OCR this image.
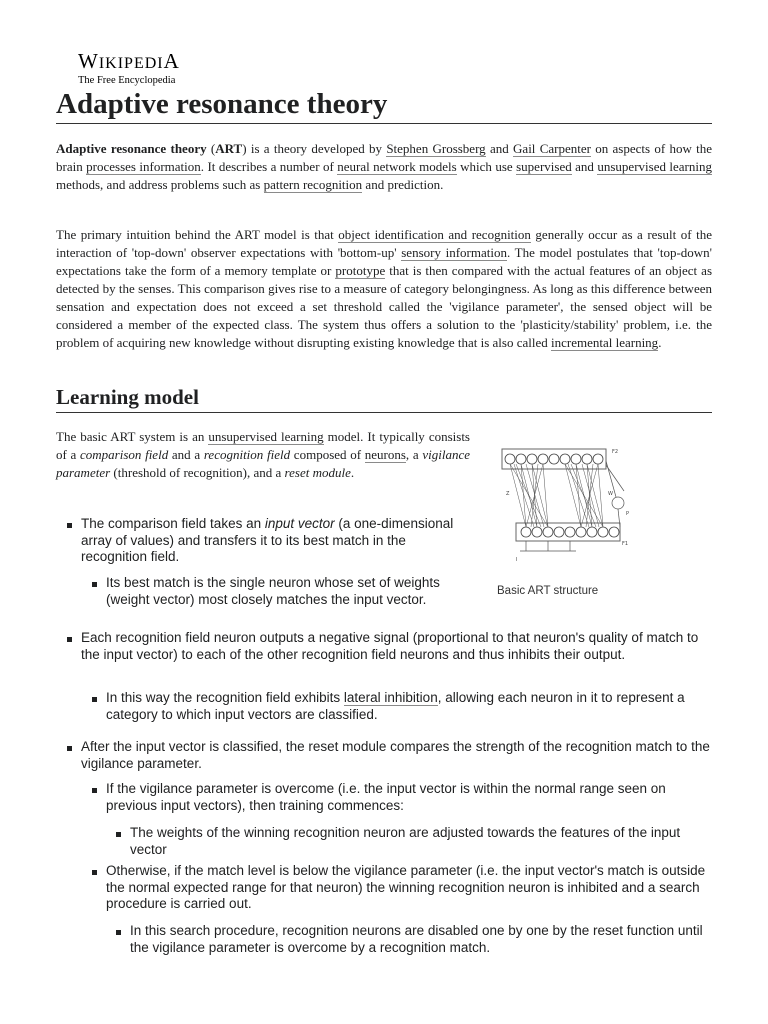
WIKIPEDIA
The Free Encyclopedia
Adaptive resonance theory

Adaptive resonance theory (ART) is a theory developed by Stephen Grossberg and Gail Carpenter on aspects of how the brain processes information. It describes a number of neural network models which use supervised and unsupervised learning methods, and address problems such as pattern recognition and prediction.

The primary intuition behind the ART model is that object identification and recognition generally occur as a result of the interaction of 'top-down' observer expectations with 'bottom-up' sensory information. The model postulates that 'top-down' expectations take the form of a memory template or prototype that is then compared with the actual features of an object as detected by the senses. This comparison gives rise to a measure of category belongingness. As long as this difference between sensation and expectation does not exceed a set threshold called the 'vigilance parameter', the sensed object will be considered a member of the expected class. The system thus offers a solution to the 'plasticity/stability' problem, i.e. the problem of acquiring new knowledge without disrupting existing knowledge that is also called incremental learning.

Learning model

The basic ART system is an unsupervised learning model. It typically consists of a comparison field and a recognition field composed of neurons, a vigilance parameter (threshold of recognition), and a reset module.

F2
Z	W
F1
P
I
Basic ART structure
The comparison field takes an input vector (a one-dimensional array of values) and transfers it to its best match in the recognition field.
Its best match is the single neuron whose set of weights (weight vector) most closely matches the input vector.
Each recognition field neuron outputs a negative signal (proportional to that neuron's quality of match to the input vector) to each of the other recognition field neurons and thus inhibits their output.
In this way the recognition field exhibits lateral inhibition, allowing each neuron in it to represent a category to which input vectors are classified.
After the input vector is classified, the reset module compares the strength of the recognition match to the vigilance parameter.
If the vigilance parameter is overcome (i.e. the input vector is within the normal range seen on previous input vectors), then training commences:
The weights of the winning recognition neuron are adjusted towards the features of the input vector
Otherwise, if the match level is below the vigilance parameter (i.e. the input vector's match is outside the normal expected range for that neuron) the winning recognition neuron is inhibited and a search procedure is carried out.
In this search procedure, recognition neurons are disabled one by one by the reset function until the vigilance parameter is overcome by a recognition match.
